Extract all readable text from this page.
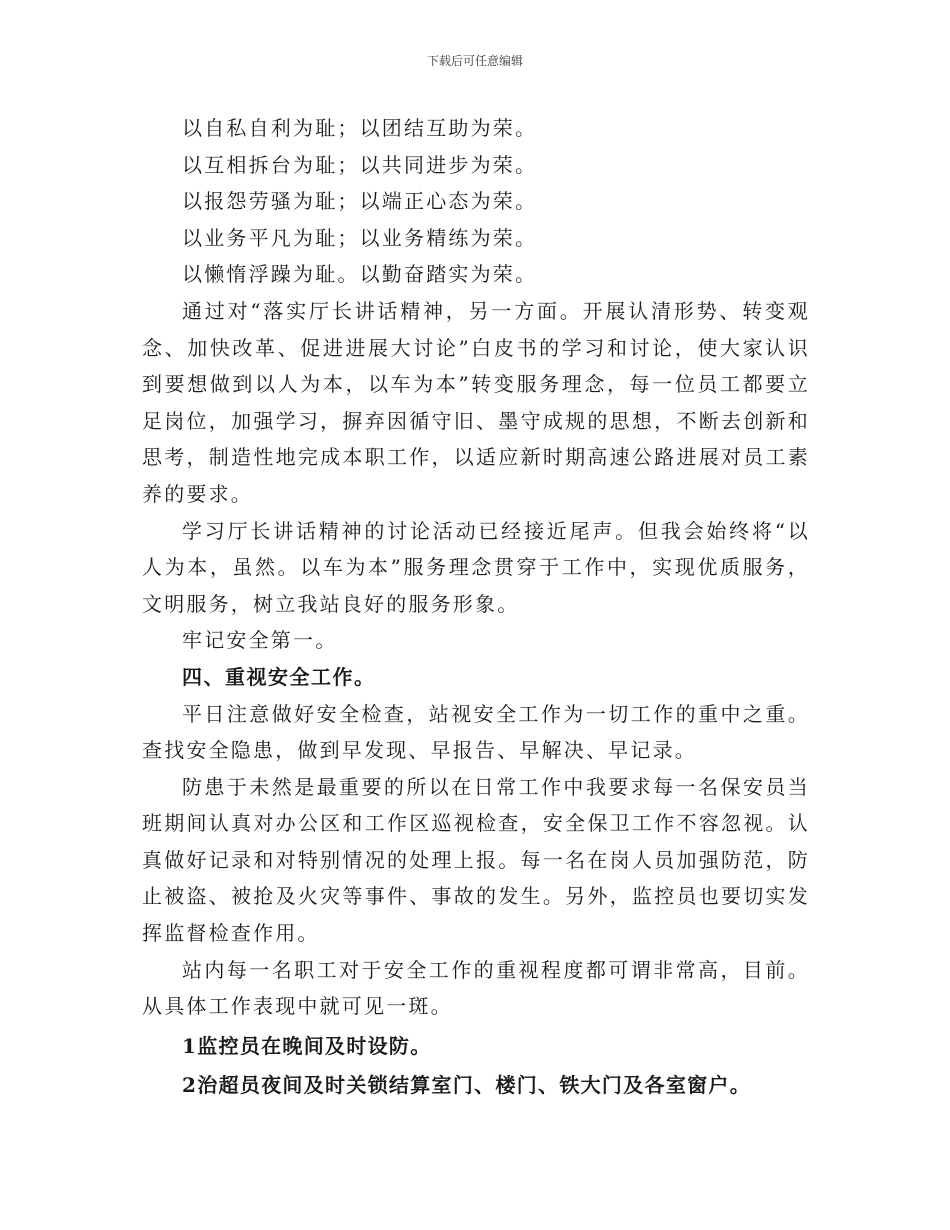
下载后可任意编辑

以自私自利为耻；以团结互助为荣。

以互相拆台为耻；以共同进步为荣。

以报怨劳骚为耻；以端正心态为荣。

以业务平凡为耻；以业务精练为荣。

以懒惰浮躁为耻。以勤奋踏实为荣。

通过对“落实厅长讲话精神，另一方面。开展认清形势、转变观念、加快改革、促进进展大讨论”白皮书的学习和讨论，使大家认识到要想做到以人为本，以车为本”转变服务理念，每一位员工都要立足岗位，加强学习，摒弃因循守旧、墨守成规的思想，不断去创新和思考，制造性地完成本职工作，以适应新时期高速公路进展对员工素养的要求。

学习厅长讲话精神的讨论活动已经接近尾声。但我会始终将“以人为本，虽然。以车为本”服务理念贯穿于工作中，实现优质服务，文明服务，树立我站良好的服务形象。

牢记安全第一。

四、重视安全工作。

平日注意做好安全检查，站视安全工作为一切工作的重中之重。查找安全隐患，做到早发现、早报告、早解决、早记录。

防患于未然是最重要的所以在日常工作中我要求每一名保安员当班期间认真对办公区和工作区巡视检查，安全保卫工作不容忽视。认真做好记录和对特别情况的处理上报。每一名在岗人员加强防范，防止被盗、被抢及火灾等事件、事故的发生。另外，监控员也要切实发挥监督检查作用。

站内每一名职工对于安全工作的重视程度都可谓非常高，目前。从具体工作表现中就可见一斑。

1监控员在晚间及时设防。

2治超员夜间及时关锁结算室门、楼门、铁大门及各室窗户。
